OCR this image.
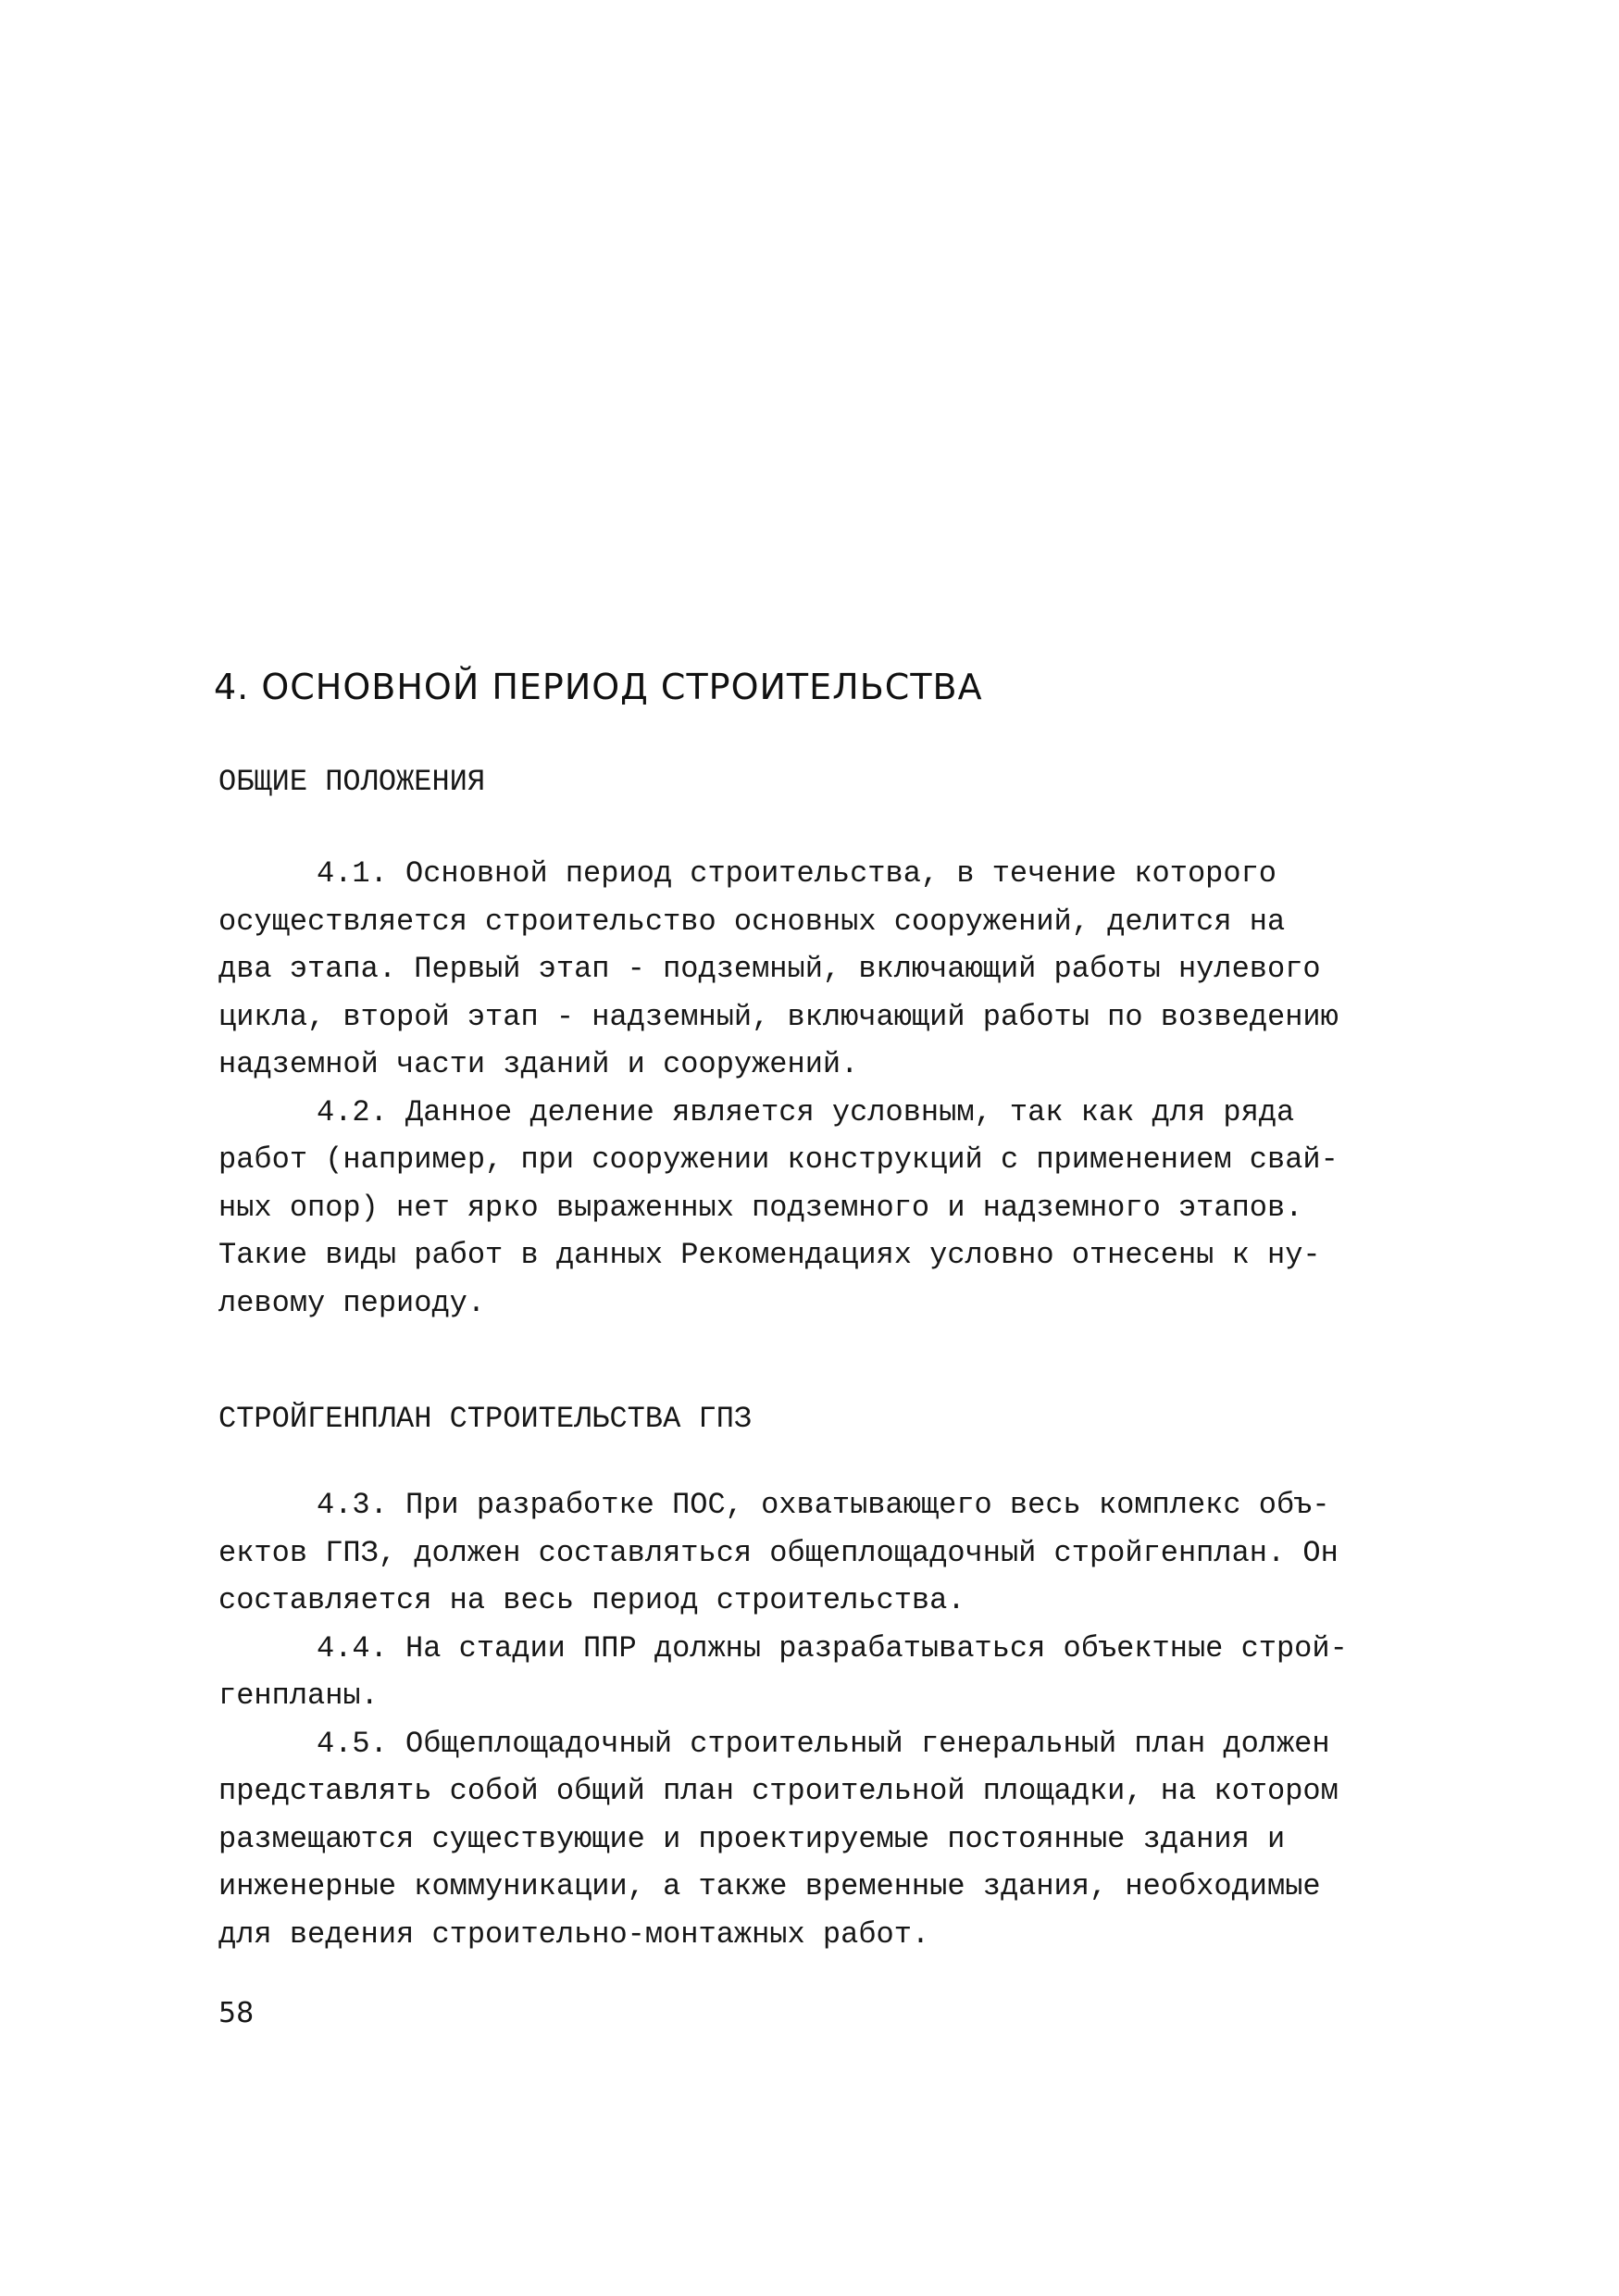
4. ОСНОВНОЙ ПЕРИОД СТРОИТЕЛЬСТВА
ОБЩИЕ ПОЛОЖЕНИЯ

4.1. Основной период строительства, в течение которого
осуществляется строительство основных сооружений, делится на
два этапа. Первый этап - подземный, включающий работы нулевого
цикла, второй этап - надземный, включающий работы по возведению
надземной части зданий и сооружений.

4.2. Данное деление является условным, так как для ряда
работ (например, при сооружении конструкций с применением свай-
ных опор) нет ярко выраженных подземного и надземного этапов.
Такие виды работ в данных Рекомендациях условно отнесены к ну-
левому периоду.

СТРОЙГЕНПЛАН СТРОИТЕЛЬСТВА ГПЗ

4.3. При разработке ПОС, охватывающего весь комплекс объ-
ектов ГПЗ, должен составляться общеплощадочный стройгенплан. Он
составляется на весь период строительства.

4.4. На стадии ППР должны разрабатываться объектные строй-
генпланы.

4.5. Общеплощадочный строительный генеральный план должен
представлять собой общий план строительной площадки, на котором
размещаются существующие и проектируемые постоянные здания и
инженерные коммуникации, а также временные здания, необходимые
для ведения строительно-монтажных работ.

58
